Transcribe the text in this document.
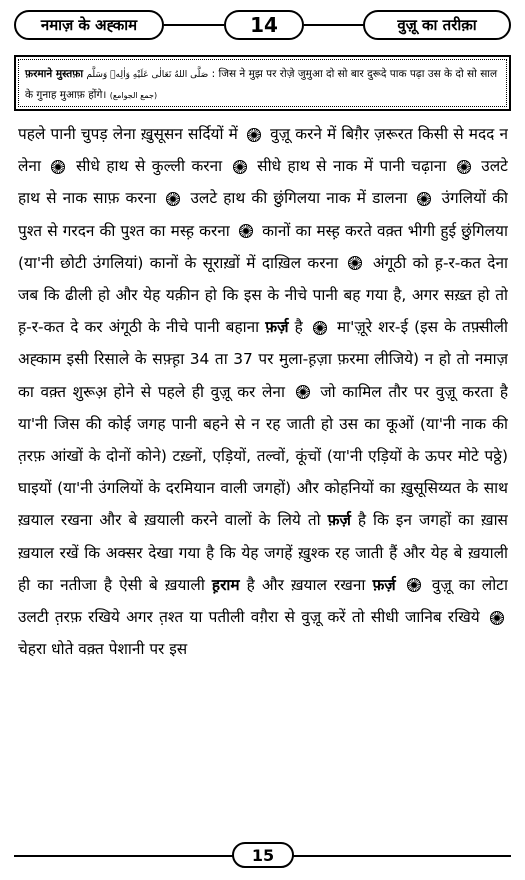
नमाज़ के अह्काम	14	वुज़ू का तरीक़ा
फ़रमाने मुस्तफ़ा صَلَّى اللهُ تَعَالٰى عَلَيْهِ وَاٰلِهٖ وَسَلَّم : जिस ने मुझ पर रोज़े जुमुआ दो सो बार दुरूदे पाक पढ़ा उस के दो सो साल के गुनाह मुआफ़ होंगे। (جمع الجوامع)
पहले पानी चुपड़ लेना ख़ुसूसन सर्दियों में वुज़ू करने में बिग़ैर ज़रूरत किसी से मदद न लेना सीधे हाथ से कुल्ली करना सीधे हाथ से नाक में पानी चढ़ाना उलटे हाथ से नाक साफ़ करना उलटे हाथ की छुंगिलया नाक में डालना उंगलियों की पुश्त से गरदन की पुश्त का मस्ह़ करना कानों का मस्ह़ करते वक़्त भीगी हुई छुंगिलया (या'नी छोटी उंगलियां) कानों के सूराख़ों में दाख़िल करना अंगूठी को ह़-र-कत देना जब कि ढीली हो और येह यक़ीन हो कि इस के नीचे पानी बह गया है, अगर सख़्त हो तो ह़-र-कत दे कर अंगूठी के नीचे पानी बहाना फ़र्ज़ है मा'ज़ूरे शर-ई (इस के तफ़्सीली अह्काम इसी रिसाले के सफ़्ह़ा 34 ता 37 पर मुला-ह़ज़ा फ़रमा लीजिये) न हो तो नमाज़ का वक़्त शुरूअ़ होने से पहले ही वुज़ू कर लेना जो कामिल तौर पर वुज़ू करता है या'नी जिस की कोई जगह पानी बहने से न रह जाती हो उस का कूओं (या'नी नाक की त़रफ़ आंखों के दोनों कोने) टख़्नों, एड़ियों, तल्वों, कूंचों (या'नी एड़ियों के ऊपर मोटे पठ्ठे) घाइयों (या'नी उंगलियों के दरमियान वाली जगहों) और कोहनियों का ख़ुसूसिय्यत के साथ ख़याल रखना और बे ख़याली करने वालों के लिये तो फ़र्ज़ है कि इन जगहों का ख़ास ख़याल रखें कि अक्सर देखा गया है कि येह जगहें ख़ुश्क रह जाती हैं और येह बे ख़याली ही का नतीजा है ऐसी बे ख़याली ह़राम है और ख़याल रखना फ़र्ज़ वुज़ू का लोटा उलटी त़रफ़ रखिये अगर त़श्त या पतीली वग़ैरा से वुज़ू करें तो सीधी जानिब रखिये  चेहरा धोते वक़्त पेशानी पर इस
15
